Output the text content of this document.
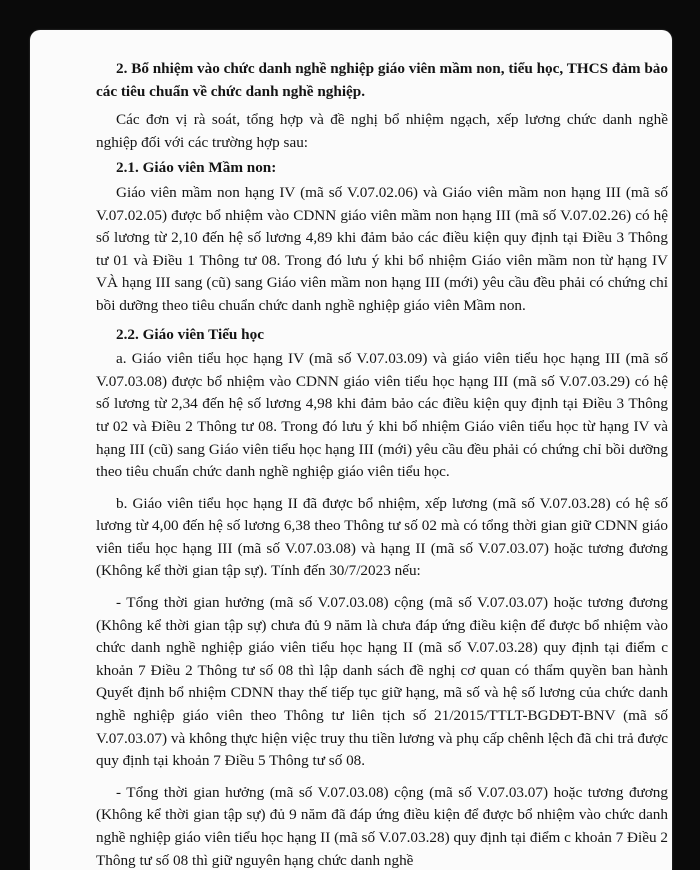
2. Bổ nhiệm vào chức danh nghề nghiệp giáo viên mầm non, tiểu học, THCS đảm bảo các tiêu chuẩn về chức danh nghề nghiệp.

Các đơn vị rà soát, tổng hợp và đề nghị bổ nhiệm ngạch, xếp lương chức danh nghề nghiệp đối với các trường hợp sau:

2.1. Giáo viên Mầm non:

Giáo viên mầm non hạng IV (mã số V.07.02.06) và Giáo viên mầm non hạng III (mã số V.07.02.05) được bổ nhiệm vào CDNN giáo viên mầm non hạng III (mã số V.07.02.26) có hệ số lương từ 2,10 đến hệ số lương 4,89 khi đảm bảo các điều kiện quy định tại Điều 3 Thông tư 01 và Điều 1 Thông tư 08. Trong đó lưu ý khi bổ nhiệm Giáo viên mầm non từ hạng IV VÀ hạng III sang (cũ) sang Giáo viên mầm non hạng III (mới) yêu cầu đều phải có chứng chỉ bồi dưỡng theo tiêu chuẩn chức danh nghề nghiệp giáo viên Mầm non.

2.2. Giáo viên Tiểu học

a. Giáo viên tiểu học hạng IV (mã số V.07.03.09) và giáo viên tiểu học hạng III (mã số V.07.03.08) được bổ nhiệm vào CDNN giáo viên tiểu học hạng III (mã số V.07.03.29) có hệ số lương từ 2,34 đến hệ số lương 4,98 khi đảm bảo các điều kiện quy định tại Điều 3 Thông tư 02 và Điều 2 Thông tư 08. Trong đó lưu ý khi bổ nhiệm Giáo viên tiểu học từ hạng IV và hạng III (cũ) sang Giáo viên tiểu học hạng III (mới) yêu cầu đều phải có chứng chỉ bồi dưỡng theo tiêu chuẩn chức danh nghề nghiệp giáo viên tiểu học.

b. Giáo viên tiểu học hạng II đã được bổ nhiệm, xếp lương (mã số V.07.03.28) có hệ số lương từ 4,00 đến hệ số lương 6,38 theo Thông tư số 02 mà có tổng thời gian giữ CDNN giáo viên tiểu học hạng III (mã số V.07.03.08) và hạng II (mã số V.07.03.07) hoặc tương đương (Không kể thời gian tập sự). Tính đến 30/7/2023 nếu:

- Tổng thời gian hưởng (mã số V.07.03.08) cộng (mã số V.07.03.07) hoặc tương đương (Không kể thời gian tập sự) chưa đủ 9 năm là chưa đáp ứng điều kiện để được bổ nhiệm vào chức danh nghề nghiệp giáo viên tiểu học hạng II (mã số V.07.03.28) quy định tại điểm c khoản 7 Điều 2 Thông tư số 08 thì lập danh sách đề nghị cơ quan có thẩm quyền ban hành Quyết định bổ nhiệm CDNN thay thế tiếp tục giữ hạng, mã số và hệ số lương của chức danh nghề nghiệp giáo viên theo Thông tư liên tịch số 21/2015/TTLT-BGDĐT-BNV (mã số V.07.03.07) và không thực hiện việc truy thu tiền lương và phụ cấp chênh lệch đã chi trả được quy định tại khoản 7 Điều 5 Thông tư số 08.

- Tổng thời gian hưởng (mã số V.07.03.08) cộng (mã số V.07.03.07) hoặc tương đương (Không kể thời gian tập sự) đủ 9 năm đã đáp ứng điều kiện để được bổ nhiệm vào chức danh nghề nghiệp giáo viên tiểu học hạng II (mã số V.07.03.28) quy định tại điểm c khoản 7 Điều 2 Thông tư số 08 thì giữ nguyên hạng chức danh nghề
